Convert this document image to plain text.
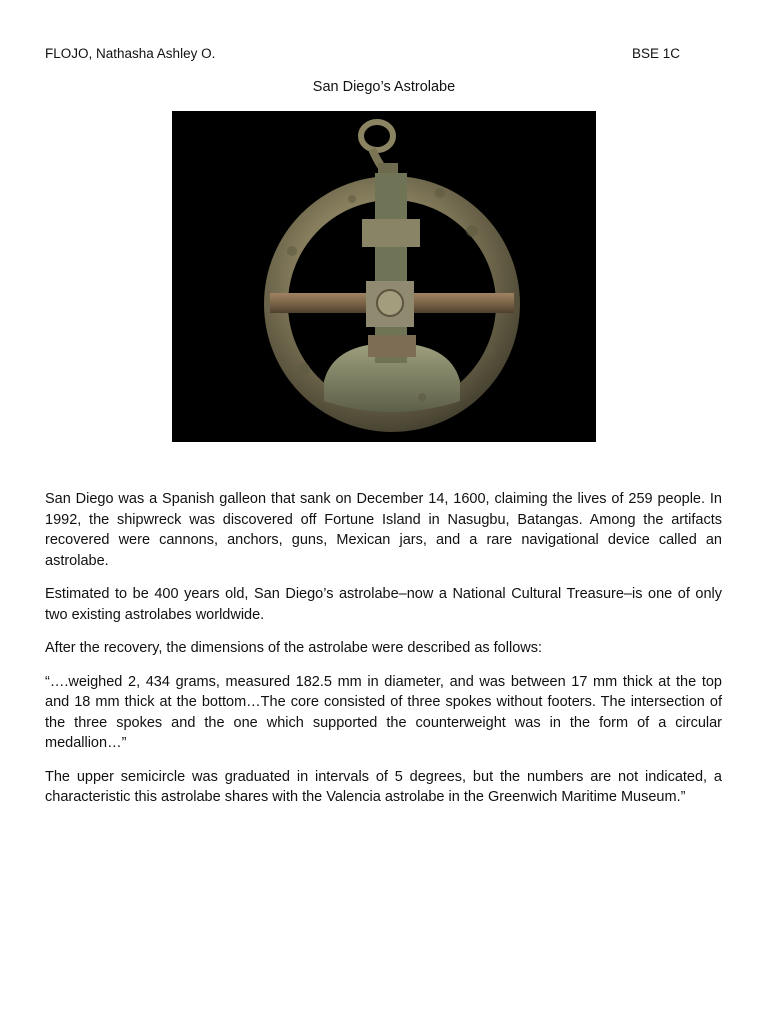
FLOJO, Nathasha Ashley O.	BSE 1C
San Diego’s Astrolabe

San Diego was a Spanish galleon that sank on December 14, 1600, claiming the lives of 259 people. In 1992, the shipwreck was discovered off Fortune Island in Nasugbu, Batangas. Among the artifacts recovered were cannons, anchors, guns, Mexican jars, and a rare navigational device called an astrolabe.

Estimated to be 400 years old, San Diego’s astrolabe–now a National Cultural Treasure–is one of only two existing astrolabes worldwide.

After the recovery, the dimensions of the astrolabe were described as follows:

“….weighed 2, 434 grams, measured 182.5 mm in diameter, and was between 17 mm thick at the top and 18 mm thick at the bottom…The core consisted of three spokes without footers. The intersection of the three spokes and the one which supported the counterweight was in the form of a circular medallion…”

The upper semicircle was graduated in intervals of 5 degrees, but the numbers are not indicated, a characteristic this astrolabe shares with the Valencia astrolabe in the Greenwich Maritime Museum.”
